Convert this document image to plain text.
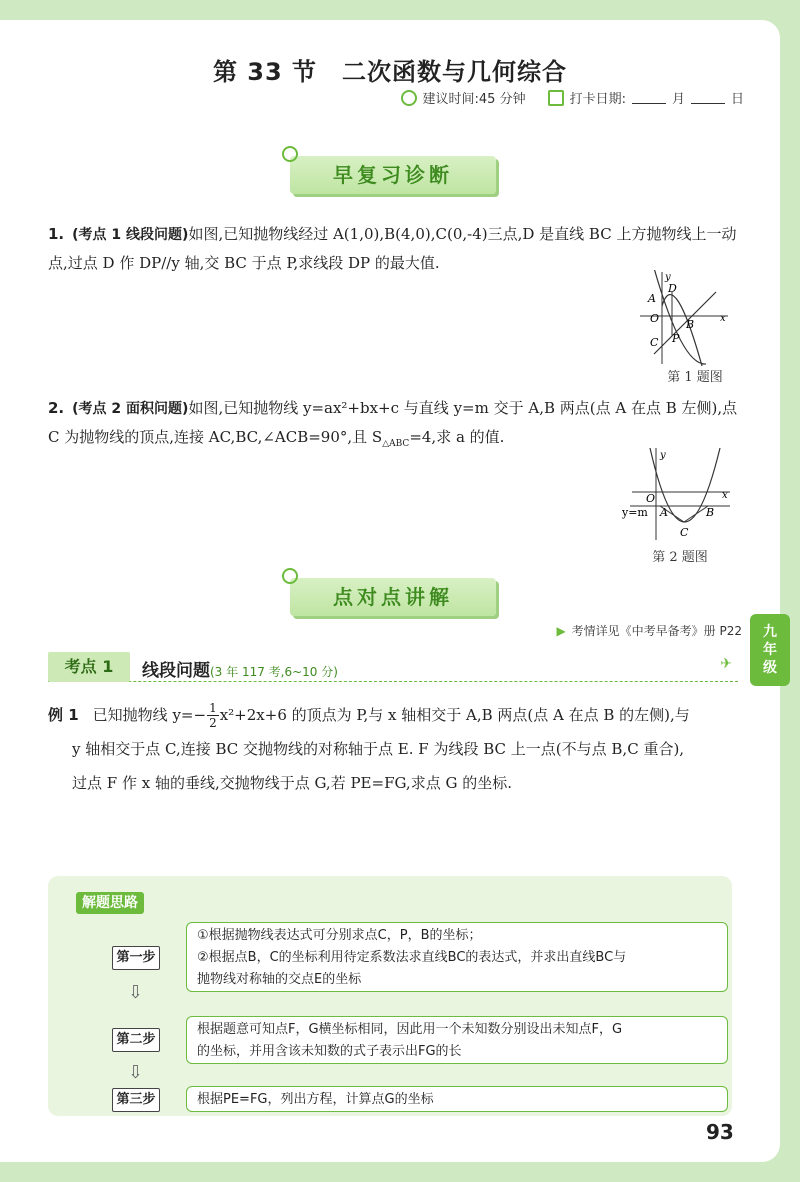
第 33 节　二次函数与几何综合
建议时间:45 分钟	打卡日期:	月	日
早复习诊断
1. (考点 1 线段问题)如图,已知抛物线经过 A(1,0),B(4,0),C(0,-4)三点,D 是直线 BC 上方抛物线上一动点,过点 D 作 DP//y 轴,交 BC 于点 P,求线段 DP 的最大值.
y
x
A
O
D
B
C P
第 1 题图
2. (考点 2 面积问题)如图,已知抛物线 y=ax²+bx+c 与直线 y=m 交于 A,B 两点(点 A 在点 B 左侧),点 C 为抛物线的顶点,连接 AC,BC,∠ACB=90°,且 $S_{\triangle ABC}=4$,求 a 的值.
y
x
O
y=m A	B
C
第 2 题图
点对点讲解
▶ 考情详见《中考早备考》册 P22	九
年
级
考点 1	线段问题(3 年 117 考,6~10 分)	✈
例 1 已知抛物线 $y=- \frac{1}{2} x^2+2x+6$ 的顶点为 P,与 x 轴相交于 A,B 两点(点 A 在点 B 的左侧),与
y 轴相交于点 C,连接 BC 交抛物线的对称轴于点 E. F 为线段 BC 上一点(不与点 B,C 重合),
过点 F 作 x 轴的垂线,交抛物线于点 G,若 PE=FG,求点 G 的坐标.
解题思路
第一步
①根据抛物线表达式可分别求点C，P，B的坐标；
②根据点B，C的坐标利用待定系数法求直线BC的表达式，并求出直线BC与
抛物线对称轴的交点E的坐标
⇩
第二步
根据题意可知点F，G横坐标相同，因此用一个未知数分别设出未知点F，G
的坐标，并用含该未知数的式子表示出FG的长
⇩
第三步	根据PE=FG，列出方程，计算点G的坐标
93
